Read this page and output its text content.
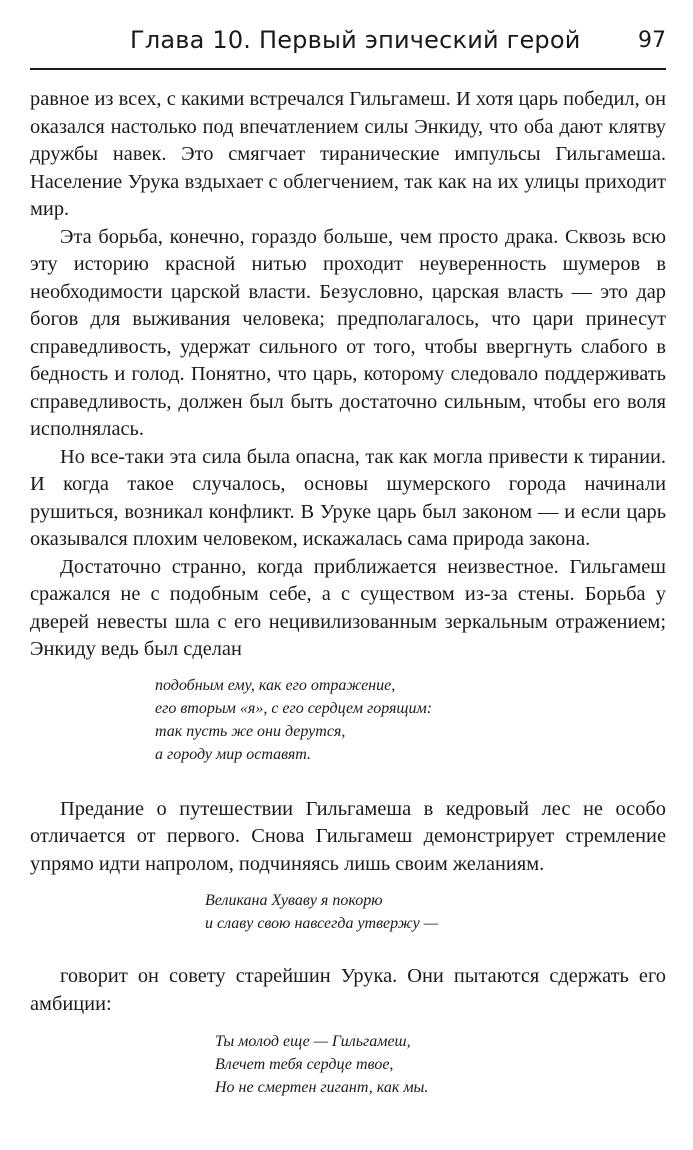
Глава 10. Первый эпический герой	97

равное из всех, с какими встречался Гильгамеш. И хотя царь победил, он оказался настолько под впечатлением силы Энкиду, что оба дают клятву дружбы навек. Это смягчает тиранические импульсы Гильгамеша. Население Урука вздыхает с облегчением, так как на их улицы приходит мир.

Эта борьба, конечно, гораздо больше, чем просто драка. Сквозь всю эту историю красной нитью проходит неуверенность шумеров в необходимости царской власти. Безусловно, царская власть — это дар богов для выживания человека; предполагалось, что цари принесут справедливость, удержат сильного от того, чтобы ввергнуть слабого в бедность и голод. Понятно, что царь, которому следовало поддерживать справедливость, должен был быть достаточно сильным, чтобы его воля исполнялась.

Но все-таки эта сила была опасна, так как могла привести к тирании. И когда такое случалось, основы шумерского города начинали рушиться, возникал конфликт. В Уруке царь был законом — и если царь оказывался плохим человеком, искажалась сама природа закона.

Достаточно странно, когда приближается неизвестное. Гильгамеш сражался не с подобным себе, а с существом из-за стены. Борьба у дверей невесты шла с его нецивилизованным зеркальным отражением; Энкиду ведь был сделан

подобным ему, как его отражение,
его вторым «я», с его сердцем горящим:
так пусть же они дерутся,
а городу мир оставят.

Предание о путешествии Гильгамеша в кедровый лес не особо отличается от первого. Снова Гильгамеш демонстрирует стремление упрямо идти напролом, подчиняясь лишь своим желаниям.

Великана Хуваву я покорю
и славу свою навсегда утвержу —

говорит он совету старейшин Урука. Они пытаются сдержать его амбиции:

Ты молод еще — Гильгамеш,
Влечет тебя сердце твое,
Но не смертен гигант, как мы.
